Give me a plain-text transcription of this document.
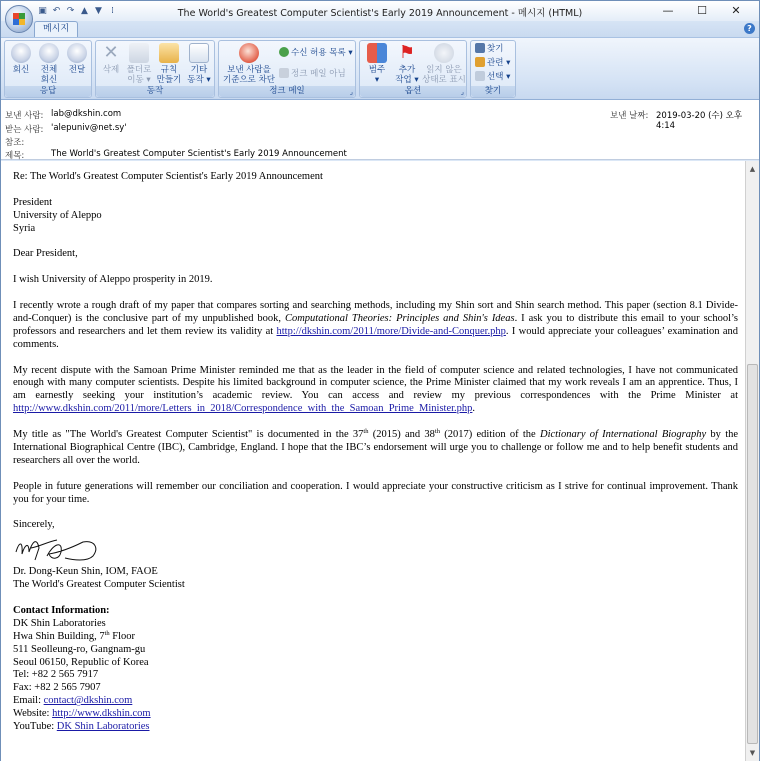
▣ ↶ ↷ ▲ ▼	⁞	The World's Greatest Computer Scientist's Early 2019 Announcement - 메시지 (HTML)	—	☐	✕
메시지	?
회신	전체
회신
전달
응답
✕
삭제 폴더로
이동 ▾
규칙
만들기
기타
동작 ▾
동작
보낸 사람을
기준으로 차단
수신 허용 목록 ▾
정크 메일 아님
정크 메일	⌟
범주
▾
⚑
추가
작업 ▾
읽지 않은
상태로 표시
옵션	⌟
찾기
관련 ▾
선택 ▾
찾기
보낸 사람: lab@dkshin.com
받는 사람: 'alepuniv@net.sy'
참조:
제목:	The World's Greatest Computer Scientist's Early 2019 Announcement
보낸 날짜: 2019-03-20 (수) 오후 4:14

Re: The World's Greatest Computer Scientist's Early 2019 Announcement

President
University of Aleppo
Syria

Dear President,

I wish University of Aleppo prosperity in 2019.

I recently wrote a rough draft of my paper that compares sorting and searching methods, including my Shin sort and Shin search method. This paper (section 8.1 Divide-and-Conquer) is the conclusive part of my unpublished book, Computational Theories: Principles and Shin's Ideas. I ask you to distribute this email to your school’s professors and researchers and let them review its validity at http://dkshin.com/2011/more/Divide-and-Conquer.php. I would appreciate your colleagues’ examination and comments.

My recent dispute with the Samoan Prime Minister reminded me that as the leader in the field of computer science and related technologies, I have not communicated enough with many computer scientists. Despite his limited background in computer science, the Prime Minister claimed that my work reveals I am an apprentice. Thus, I am earnestly seeking your institution’s academic review. You can access and review my previous correspondences with the Prime Minister at http://www.dkshin.com/2011/more/Letters_in_2018/Correspondence_with_the_Samoan_Prime_Minister.php.

My title as "The World's Greatest Computer Scientist" is documented in the 37th (2015) and 38th (2017) edition of the Dictionary of International Biography by the International Biographical Centre (IBC), Cambridge, England. I hope that the IBC’s endorsement will urge you to challenge or follow me and to help benefit students and researchers all over the world.

People in future generations will remember our conciliation and cooperation. I would appreciate your constructive criticism as I strive for continual improvement. Thank you for your time.

Sincerely,
Dr. Dong-Keun Shin, IOM, FAOE
The World's Greatest Computer Scientist
Contact Information:
DK Shin Laboratories
Hwa Shin Building, 7th Floor
511 Seolleung-ro, Gangnam-gu
Seoul 06150, Republic of Korea
Tel: +82 2 565 7917
Fax: +82 2 565 7907
Email: contact@dkshin.com
Website: http://www.dkshin.com
YouTube: DK Shin Laboratories
▲
▼
